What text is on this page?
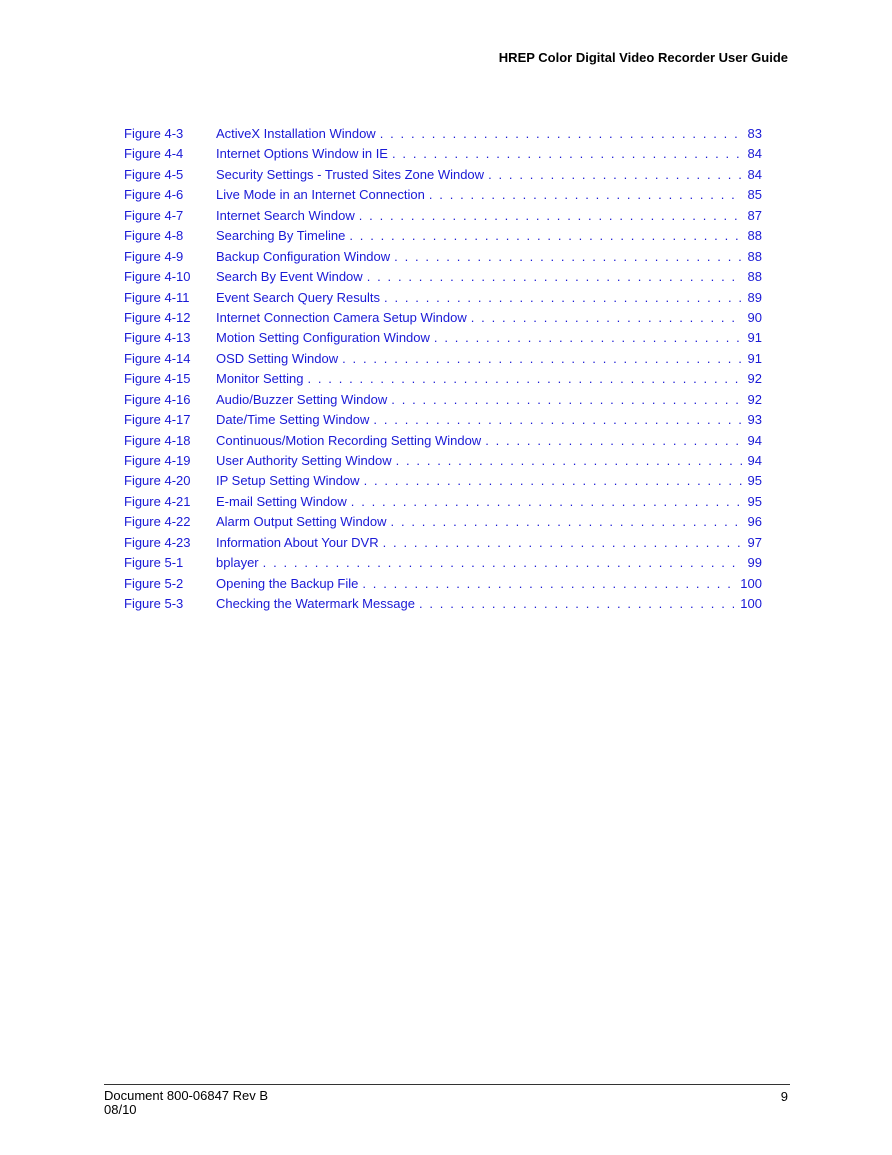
HREP Color Digital Video Recorder User Guide
Figure 4-3	ActiveX Installation Window . . .	83
Figure 4-4	Internet Options Window in IE . . .	84
Figure 4-5	Security Settings - Trusted Sites Zone Window . . .	84
Figure 4-6	Live Mode in an Internet Connection . . .	85
Figure 4-7	Internet Search Window . . .	87
Figure 4-8	Searching By Timeline . . .	88
Figure 4-9	Backup Configuration Window . . .	88
Figure 4-10	Search By Event Window . . .	88
Figure 4-11	Event Search Query Results . . .	89
Figure 4-12	Internet Connection Camera Setup Window . . .	90
Figure 4-13	Motion Setting Configuration Window . . .	91
Figure 4-14	OSD Setting Window . . .	91
Figure 4-15	Monitor Setting . . .	92
Figure 4-16	Audio/Buzzer Setting Window . . .	92
Figure 4-17	Date/Time Setting Window . . .	93
Figure 4-18	Continuous/Motion Recording Setting Window . . .	94
Figure 4-19	User Authority Setting Window . . .	94
Figure 4-20	IP Setup Setting Window . . .	95
Figure 4-21	E-mail Setting Window . . .	95
Figure 4-22	Alarm Output Setting Window . . .	96
Figure 4-23	Information About Your DVR . . .	97
Figure 5-1	bplayer . . .	99
Figure 5-2	Opening the Backup File . . .	100
Figure 5-3	Checking the Watermark Message . . .	100
Document 800-06847 Rev B
08/10
9
